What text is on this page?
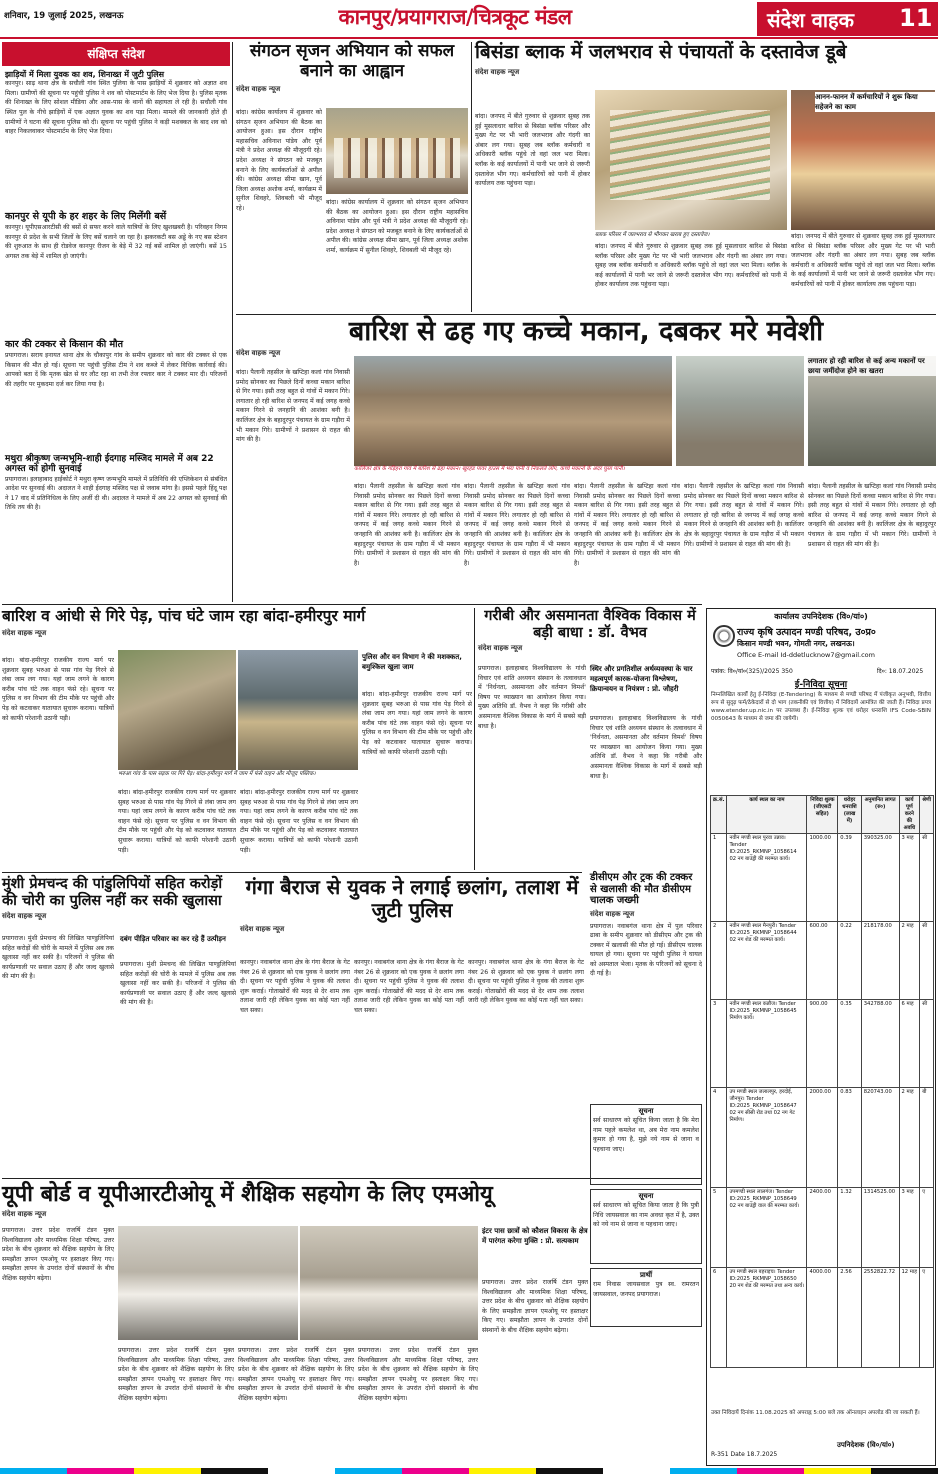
शनिवार, 19 जुलाई 2025, लखनऊ	कानपुर/प्रयागराज/चित्रकूट मंडल	संदेश वाहक 11
संक्षिप्त संदेश
झाड़ियों में मिला युवक का शव, शिनाख्त में जुटी पुलिस
कानपुर। साढ़ थाना क्षेत्र के सचौली गांव स्थित पुलिया के पास झाड़ियों में शुक्रवार को अज्ञात शव मिला। ग्रामीणों की सूचना पर पहुंची पुलिस ने शव को पोस्टमार्टम के लिए भेज दिया है। पुलिस मृतक की शिनाख्त के लिए सोशल मीडिया और आस-पास के थानों की सहायता ले रही है। सचौली गांव स्थित पुल के नीचे झाड़ियों में एक अज्ञात युवक का शव पड़ा मिला। मामले की जानकारी होते ही ग्रामीणों ने घटना की सूचना पुलिस को दी। सूचना पर पहुंची पुलिस ने कड़ी मशक्कत के बाद शव को बाहर निकलवाकर पोस्टमार्टम के लिए भेज दिया।
कानपुर से यूपी के हर शहर के लिए मिलेंगी बसें
कानपुर। यूपीएसआरटीसी की बसों से सफर करने वाले यात्रियों के लिए खुशखबरी है। परिवहन निगम कानपुर से प्रदेश के सभी जिलों के लिए बसें चलाने जा रहा है। झकरकटी बस अड्डे के नए बस स्टेशन की शुरुआत के साथ ही रोडवेज कानपुर रीजन के बेड़े में 32 नई बसें शामिल हो जाएंगी। बसें 15 अगस्त तक बेड़े में शामिल हो जाएंगी।
कार की टक्कर से किसान की मौत
प्रयागराज। सराय इनायत थाना क्षेत्र के चौकापुर गांव के समीप शुक्रवार को कार की टक्कर से एक किसान की मौत हो गई। सूचना पर पहुंची पुलिस टीम ने शव कब्जे में लेकर विधिक कार्रवाई की। आपको बता दें कि मृतक खेत से घर लौट रहा था तभी तेज रफ्तार कार ने टक्कर मार दी। परिजनों की तहरीर पर मुकदमा दर्ज कर लिया गया है।
मथुरा श्रीकृष्ण जन्मभूमि-शाही ईदगाह मस्जिद मामले में अब 22 अगस्त को होगी सुनवाई
प्रयागराज। इलाहाबाद हाईकोर्ट ने मथुरा कृष्ण जन्मभूमि मामले में प्रतिनिधि की एप्लिकेशन से संबंधित आदेश पर सुनवाई की। अदालत ने शाही ईदगाह मस्जिद पक्ष से जवाब मांगा है। इससे पहले हिंदू पक्ष ने 17 वाद में प्रतिनिधित्व के लिए अर्जी दी थी। अदालत ने मामले में अब 22 अगस्त को सुनवाई की तिथि तय की है।
संगठन सृजन अभियान को सफल बनाने का आह्वान
संदेश वाहक न्यूज
बांदा। कांग्रेस कार्यालय में शुक्रवार को संगठन सृजन अभियान की बैठक का आयोजन हुआ। इस दौरान राष्ट्रीय महासचिव अविनाश पांडेय और पूर्व मंत्री ने प्रदेश अध्यक्ष की मौजूदगी रहे। प्रदेश अध्यक्ष ने संगठन को मजबूत बनाने के लिए कार्यकर्ताओं से अपील की। कांग्रेस अध्यक्ष सीमा खान, पूर्व जिला अध्यक्ष अशोक शर्मा, कार्यक्रम में सुनील शिवहरे, शिवबली भी मौजूद रहे।
बांदा। कांग्रेस कार्यालय में शुक्रवार को संगठन सृजन अभियान की बैठक का आयोजन हुआ। इस दौरान राष्ट्रीय महासचिव अविनाश पांडेय और पूर्व मंत्री ने प्रदेश अध्यक्ष की मौजूदगी रहे। प्रदेश अध्यक्ष ने संगठन को मजबूत बनाने के लिए कार्यकर्ताओं से अपील की। कांग्रेस अध्यक्ष सीमा खान, पूर्व जिला अध्यक्ष अशोक शर्मा, कार्यक्रम में सुनील शिवहरे, शिवबली भी मौजूद रहे।
बिसंडा ब्लाक में जलभराव से पंचायतों के दस्तावेज डूबे
संदेश वाहक न्यूज
बांदा। जनपद में बीते गुरुवार से शुक्रवार सुबह तक हुई मूसलाधार बारिश से बिसंडा ब्लॉक परिसर और मुख्य गेट पर भी भारी जलभराव और गंदगी का अंबार लग गया। सुबह जब ब्लॉक कर्मचारी व अधिकारी ब्लॉक पहुंचे तो वहां जल भरा मिला। ब्लॉक के कई कार्यालयों में पानी भर जाने से जरूरी दस्तावेज भीग गए। कर्मचारियों को पानी में होकर कार्यालय तक पहुंचना पड़ा।
ब्लाक परिसर में जलभराव से भीगकर खराब हुए दस्तावेज।
बांदा। जनपद में बीते गुरुवार से शुक्रवार सुबह तक हुई मूसलाधार बारिश से बिसंडा ब्लॉक परिसर और मुख्य गेट पर भी भारी जलभराव और गंदगी का अंबार लग गया। सुबह जब ब्लॉक कर्मचारी व अधिकारी ब्लॉक पहुंचे तो वहां जल भरा मिला। ब्लॉक के कई कार्यालयों में पानी भर जाने से जरूरी दस्तावेज भीग गए। कर्मचारियों को पानी में होकर कार्यालय तक पहुंचना पड़ा।
आनन-फानन में कर्मचारियों ने शुरू किया सहेजने का काम
बांदा। जनपद में बीते गुरुवार से शुक्रवार सुबह तक हुई मूसलाधार बारिश से बिसंडा ब्लॉक परिसर और मुख्य गेट पर भी भारी जलभराव और गंदगी का अंबार लग गया। सुबह जब ब्लॉक कर्मचारी व अधिकारी ब्लॉक पहुंचे तो वहां जल भरा मिला। ब्लॉक के कई कार्यालयों में पानी भर जाने से जरूरी दस्तावेज भीग गए। कर्मचारियों को पानी में होकर कार्यालय तक पहुंचना पड़ा।
बारिश से ढह गए कच्चे मकान, दबकर मरे मवेशी
संदेश वाहक न्यूज
कालिंजर क्षेत्र के गड़िहरा गांव में बारिश से ढहा मकान। खुरहंड पावर हाउस में भरा पानी व निकलते लोग, कच्चे मकानों के अंदर घुसा पानी।
लगातार हो रही बारिश से कई अन्य मकानों पर छाया जमींदोज होने का खतरा
बांदा। पैलानी तहसील के खप्टिहा कलां गांव निवासी प्रमोद सोनकर का पिछले दिनों कच्चा मकान बारिश से गिर गया। इसी तरह बहुत से गांवों में मकान गिरे। लगातार हो रही बारिश से जनपद में कई जगह कच्चे मकान गिरने से जनहानि की आशंका बनी है। कालिंजर क्षेत्र के बहादुरपुर पंचायत के ग्राम गड़ौरा में भी मकान गिरे। ग्रामीणों ने प्रशासन से राहत की मांग की है।
बांदा। पैलानी तहसील के खप्टिहा कलां गांव निवासी प्रमोद सोनकर का पिछले दिनों कच्चा मकान बारिश से गिर गया। इसी तरह बहुत से गांवों में मकान गिरे। लगातार हो रही बारिश से जनपद में कई जगह कच्चे मकान गिरने से जनहानि की आशंका बनी है। कालिंजर क्षेत्र के बहादुरपुर पंचायत के ग्राम गड़ौरा में भी मकान गिरे। ग्रामीणों ने प्रशासन से राहत की मांग की है।
बांदा। पैलानी तहसील के खप्टिहा कलां गांव निवासी प्रमोद सोनकर का पिछले दिनों कच्चा मकान बारिश से गिर गया। इसी तरह बहुत से गांवों में मकान गिरे। लगातार हो रही बारिश से जनपद में कई जगह कच्चे मकान गिरने से जनहानि की आशंका बनी है। कालिंजर क्षेत्र के बहादुरपुर पंचायत के ग्राम गड़ौरा में भी मकान गिरे। ग्रामीणों ने प्रशासन से राहत की मांग की है।
बांदा। पैलानी तहसील के खप्टिहा कलां गांव निवासी प्रमोद सोनकर का पिछले दिनों कच्चा मकान बारिश से गिर गया। इसी तरह बहुत से गांवों में मकान गिरे। लगातार हो रही बारिश से जनपद में कई जगह कच्चे मकान गिरने से जनहानि की आशंका बनी है। कालिंजर क्षेत्र के बहादुरपुर पंचायत के ग्राम गड़ौरा में भी मकान गिरे। ग्रामीणों ने प्रशासन से राहत की मांग की है।
बांदा। पैलानी तहसील के खप्टिहा कलां गांव निवासी प्रमोद सोनकर का पिछले दिनों कच्चा मकान बारिश से गिर गया। इसी तरह बहुत से गांवों में मकान गिरे। लगातार हो रही बारिश से जनपद में कई जगह कच्चे मकान गिरने से जनहानि की आशंका बनी है। कालिंजर क्षेत्र के बहादुरपुर पंचायत के ग्राम गड़ौरा में भी मकान गिरे। ग्रामीणों ने प्रशासन से राहत की मांग की है।
बांदा। पैलानी तहसील के खप्टिहा कलां गांव निवासी प्रमोद सोनकर का पिछले दिनों कच्चा मकान बारिश से गिर गया। इसी तरह बहुत से गांवों में मकान गिरे। लगातार हो रही बारिश से जनपद में कई जगह कच्चे मकान गिरने से जनहानि की आशंका बनी है। कालिंजर क्षेत्र के बहादुरपुर पंचायत के ग्राम गड़ौरा में भी मकान गिरे। ग्रामीणों ने प्रशासन से राहत की मांग की है।
बारिश व आंधी से गिरे पेड़, पांच घंटे जाम रहा बांदा-हमीरपुर मार्ग
संदेश वाहक न्यूज
बांदा। बांदा-हमीरपुर राजकीय राज्य मार्ग पर शुक्रवार सुबह भरुआ से पास गांव पेड़ गिरने से लंबा जाम लग गया। यहां जाम लगने के कारण करीब पांच घंटे तक वाहन फंसे रहे। सूचना पर पुलिस व वन विभाग की टीम मौके पर पहुंची और पेड़ को कटवाकर यातायात सुचारू कराया। यात्रियों को काफी परेशानी उठानी पड़ी।
भरुआ गांव के पास सड़क पर गिरे पेड़। बांदा-हमीरपुर मार्ग में जाम में फंसे वाहन और मौजूद पब्लिक।
पुलिस और वन विभाग ने की मशक्कत, बमुश्किल खुला जाम
बांदा। बांदा-हमीरपुर राजकीय राज्य मार्ग पर शुक्रवार सुबह भरुआ से पास गांव पेड़ गिरने से लंबा जाम लग गया। यहां जाम लगने के कारण करीब पांच घंटे तक वाहन फंसे रहे। सूचना पर पुलिस व वन विभाग की टीम मौके पर पहुंची और पेड़ को कटवाकर यातायात सुचारू कराया। यात्रियों को काफी परेशानी उठानी पड़ी।
बांदा। बांदा-हमीरपुर राजकीय राज्य मार्ग पर शुक्रवार सुबह भरुआ से पास गांव पेड़ गिरने से लंबा जाम लग गया। यहां जाम लगने के कारण करीब पांच घंटे तक वाहन फंसे रहे। सूचना पर पुलिस व वन विभाग की टीम मौके पर पहुंची और पेड़ को कटवाकर यातायात सुचारू कराया। यात्रियों को काफी परेशानी उठानी पड़ी।
बांदा। बांदा-हमीरपुर राजकीय राज्य मार्ग पर शुक्रवार सुबह भरुआ से पास गांव पेड़ गिरने से लंबा जाम लग गया। यहां जाम लगने के कारण करीब पांच घंटे तक वाहन फंसे रहे। सूचना पर पुलिस व वन विभाग की टीम मौके पर पहुंची और पेड़ को कटवाकर यातायात सुचारू कराया। यात्रियों को काफी परेशानी उठानी पड़ी।
गरीबी और असमानता वैश्विक विकास में बड़ी बाधा : डॉ. वैभव
संदेश वाहक न्यूज
प्रयागराज। इलाहाबाद विश्वविद्यालय के गांधी विचार एवं शांति अध्ययन संस्थान के तत्वावधान में 'निर्धनता, असमानता और वर्तमान विमर्श' विषय पर व्याख्यान का आयोजन किया गया। मुख्य अतिथि डॉ. वैभव ने कहा कि गरीबी और असमानता वैश्विक विकास के मार्ग में सबसे बड़ी बाधा है।
स्थिर और प्रगतिशील अर्थव्यवस्था के चार महत्वपूर्ण कारक-योजना विश्लेषण, क्रियान्वयन व नियंत्रण : प्रो. जौहरी
प्रयागराज। इलाहाबाद विश्वविद्यालय के गांधी विचार एवं शांति अध्ययन संस्थान के तत्वावधान में 'निर्धनता, असमानता और वर्तमान विमर्श' विषय पर व्याख्यान का आयोजन किया गया। मुख्य अतिथि डॉ. वैभव ने कहा कि गरीबी और असमानता वैश्विक विकास के मार्ग में सबसे बड़ी बाधा है।
डीसीएम और ट्रक की टक्कर से खलासी की मौत डीसीएम चालक जख्मी
संदेश वाहक न्यूज
प्रयागराज। नवाबगंज थाना क्षेत्र में पुल परिवार ढाबा के समीप शुक्रवार को डीसीएम और ट्रक की टक्कर में खलासी की मौत हो गई। डीसीएम चालक घायल हो गया। सूचना पर पहुंची पुलिस ने घायल को अस्पताल भेजा। मृतक के परिजनों को सूचना दे दी गई है।
मुंशी प्रेमचन्द की पांडुलिपियों सहित करोड़ों की चोरी का पुलिस नहीं कर सकी खुलासा
संदेश वाहक न्यूज
प्रयागराज। मुंशी प्रेमचन्द की लिखित पाण्डुलिपियां सहित करोड़ों की चोरी के मामले में पुलिस अब तक खुलासा नहीं कर सकी है। परिजनों ने पुलिस की कार्यप्रणाली पर सवाल उठाए हैं और जल्द खुलासे की मांग की है।
दबंग पीड़ित परिवार का कर रहे हैं उत्पीड़न
प्रयागराज। मुंशी प्रेमचन्द की लिखित पाण्डुलिपियां सहित करोड़ों की चोरी के मामले में पुलिस अब तक खुलासा नहीं कर सकी है। परिजनों ने पुलिस की कार्यप्रणाली पर सवाल उठाए हैं और जल्द खुलासे की मांग की है।
गंगा बैराज से युवक ने लगाई छलांग, तलाश में जुटी पुलिस
संदेश वाहक न्यूज
कानपुर। नवाबगंज थाना क्षेत्र के गंगा बैराज के गेट नंबर 26 से शुक्रवार को एक युवक ने छलांग लगा दी। सूचना पर पहुंची पुलिस ने युवक की तलाश शुरू कराई। गोताखोरों की मदद से देर शाम तक तलाश जारी रही लेकिन युवक का कोई पता नहीं चल सका।
कानपुर। नवाबगंज थाना क्षेत्र के गंगा बैराज के गेट नंबर 26 से शुक्रवार को एक युवक ने छलांग लगा दी। सूचना पर पहुंची पुलिस ने युवक की तलाश शुरू कराई। गोताखोरों की मदद से देर शाम तक तलाश जारी रही लेकिन युवक का कोई पता नहीं चल सका।
कानपुर। नवाबगंज थाना क्षेत्र के गंगा बैराज के गेट नंबर 26 से शुक्रवार को एक युवक ने छलांग लगा दी। सूचना पर पहुंची पुलिस ने युवक की तलाश शुरू कराई। गोताखोरों की मदद से देर शाम तक तलाश जारी रही लेकिन युवक का कोई पता नहीं चल सका।
यूपी बोर्ड व यूपीआरटीओयू में शैक्षिक सहयोग के लिए एमओयू
संदेश वाहक न्यूज
प्रयागराज। उत्तर प्रदेश राजर्षि टंडन मुक्त विश्वविद्यालय और माध्यमिक शिक्षा परिषद, उत्तर प्रदेश के बीच शुक्रवार को शैक्षिक सहयोग के लिए समझौता ज्ञापन एमओयू पर हस्ताक्षर किए गए। समझौता ज्ञापन के उपरांत दोनों संस्थानों के बीच शैक्षिक सहयोग बढ़ेगा।
इंटर पास छात्रों को कौशल विकास के क्षेत्र में पारंगत करेगा मुक्ति : प्रो. सत्यकाम
प्रयागराज। उत्तर प्रदेश राजर्षि टंडन मुक्त विश्वविद्यालय और माध्यमिक शिक्षा परिषद, उत्तर प्रदेश के बीच शुक्रवार को शैक्षिक सहयोग के लिए समझौता ज्ञापन एमओयू पर हस्ताक्षर किए गए। समझौता ज्ञापन के उपरांत दोनों संस्थानों के बीच शैक्षिक सहयोग बढ़ेगा।
प्रयागराज। उत्तर प्रदेश राजर्षि टंडन मुक्त विश्वविद्यालय और माध्यमिक शिक्षा परिषद, उत्तर प्रदेश के बीच शुक्रवार को शैक्षिक सहयोग के लिए समझौता ज्ञापन एमओयू पर हस्ताक्षर किए गए। समझौता ज्ञापन के उपरांत दोनों संस्थानों के बीच शैक्षिक सहयोग बढ़ेगा।
प्रयागराज। उत्तर प्रदेश राजर्षि टंडन मुक्त विश्वविद्यालय और माध्यमिक शिक्षा परिषद, उत्तर प्रदेश के बीच शुक्रवार को शैक्षिक सहयोग के लिए समझौता ज्ञापन एमओयू पर हस्ताक्षर किए गए। समझौता ज्ञापन के उपरांत दोनों संस्थानों के बीच शैक्षिक सहयोग बढ़ेगा।
प्रयागराज। उत्तर प्रदेश राजर्षि टंडन मुक्त विश्वविद्यालय और माध्यमिक शिक्षा परिषद, उत्तर प्रदेश के बीच शुक्रवार को शैक्षिक सहयोग के लिए समझौता ज्ञापन एमओयू पर हस्ताक्षर किए गए। समझौता ज्ञापन के उपरांत दोनों संस्थानों के बीच शैक्षिक सहयोग बढ़ेगा।
सूचना
सर्व साधारण को सूचित किया जाता है कि मेरा नाम पहले कमलेश था, अब मेरा नाम कमलेश कुमार हो गया है, मुझे नये नाम से जाना व पहचाना जाए।
सूचना
सर्व साधारण को सूचित किया जाता है कि पुत्री निधि जायसवाल का नाम अवधा कृत में है, उक्त को नये नाम से जाना व पहचाना जाए।
प्रार्थी
राम निवास जायसवाल पुत्र स्व. रामरतन जायसवाल, जनपद प्रयागराज।
कार्यालय उपनिदेशक (वि०/यां०)
राज्य कृषि उत्पादन मण्डी परिषद, उ०प्र०
किसान मण्डी भवन, गोमती नगर, लखनऊ।
Office E-mail Id-ddetlucknow7@gmail.com
पत्रांक: वि०/यां०(325)/2025 350	दि०: 18.07.2025
ई-निविदा सूचना
निम्नलिखित कार्यों हेतु ई-निविदा (E-Tendering) के माध्यम से मण्डी परिषद में पंजीकृत अनुभवी, वित्तीय रूप से सुदृढ़ फर्म/ठेकेदारों से दो भाग (तकनीकी एवं वित्तीय) में निविदायें आमंत्रित की जाती हैं। निविदा प्रपत्र www.etender.up.nic.in पर उपलब्ध हैं। ई-निविदा शुल्क एवं धरोहर धनराशि IFS Code-SBIN 0050643 के माध्यम से जमा की जायेगी।
क्र.सं.	कार्य स्थल का नाम	निविदा शुल्क (जीएसटी सहित)	धरोहर धनराशि (लाख में)	अनुमानित लागत (रु०)	कार्य पूर्ण करने की अवधि	श्रेणी
1	नवीन मण्डी स्थल पुरवा उन्नाव। Tender ID:2025_RKMNP_1058614 02 नग बाउंड्री की मरम्मत कार्य।	1000.00	0.39	390325.00	3 माह	सी
2	नवीन मण्डी स्थल मैनपुरी। Tender ID:2025_RKMNP_1058644 02 नग शेड की मरम्मत कार्य।	600.00	0.22	218178.00	2 माह	सी
3	नवीन मण्डी स्थल कन्नौज। Tender ID:2025_RKMNP_1058645 निर्माण कार्य।	900.00	0.35	342788.00	6 माह	सी
4	उप मण्डी स्थल जलालपुर, हरदोई, जौनपुर। Tender ID:2025_RKMNP_1058647 02 नग सीसी रोड तथा 02 नग गेट निर्माण।	2000.00	0.83	820743.00	2 माह	बी
5	उपमण्डी स्थल लालगंज। Tender ID:2025_RKMNP_1058649 02 नग बाउंड्री वाल की मरम्मत कार्य।	2400.00	1.32	1314525.00	3 माह	ए
6	उप मण्डी स्थल बहराइच। Tender ID:2025_RKMNP_1058650 20 नग शेड की मरम्मत तथा अन्य कार्य।	4000.00	2.56	2552822.72	12 माह	ए
उक्त निविदायें दिनांक 11.08.2025 को अपराह्न 5:00 बजे तक ऑनलाइन अपलोड की जा सकती हैं।
उपनिदेशक (वि०/यां०)
R-351 Date 18.7.2025
